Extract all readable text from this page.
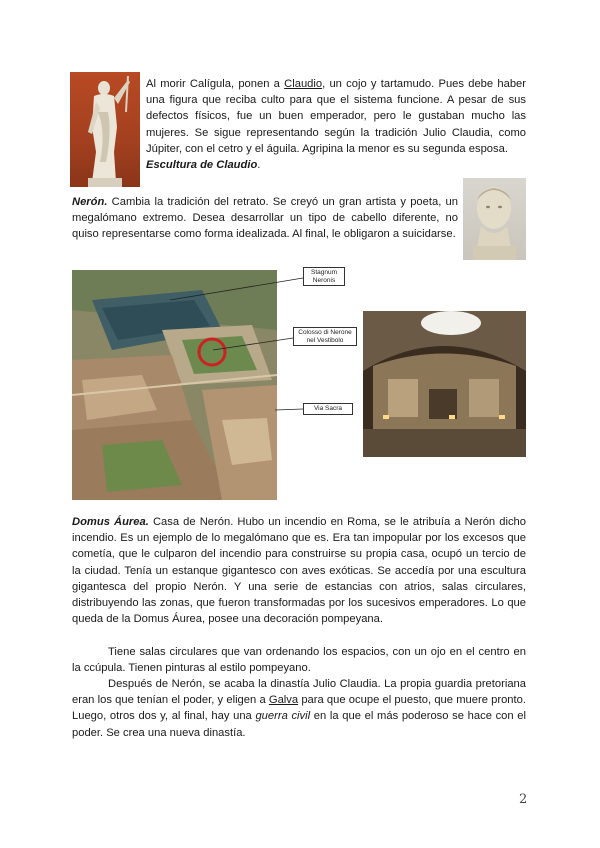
Al morir Calígula, ponen a Claudio, un cojo y tartamudo. Pues debe haber una figura que reciba culto para que el sistema funcione. A pesar de sus defectos físicos, fue un buen emperador, pero le gustaban mucho las mujeres. Se sigue representando según la tradición Julio Claudia, como Júpiter, con el cetro y el águila. Agripina la menor es su segunda esposa.
Escultura de Claudio.
Nerón. Cambia la tradición del retrato. Se creyó un gran artista y poeta, un megalómano extremo. Desea desarrollar un tipo de cabello diferente, no quiso representarse como forma idealizada. Al final, le obligaron a suicidarse.
Stagnum Neronis
Colosso di Nerone nel Vestibolo
Via Sacra
Domus Áurea. Casa de Nerón. Hubo un incendio en Roma, se le atribuía a Nerón dicho incendio. Es un ejemplo de lo megalómano que es. Era tan impopular por los excesos que cometía, que le culparon del incendio para construirse su propia casa, ocupó un tercio de la ciudad. Tenía un estanque gigantesco con aves exóticas. Se accedía por una escultura gigantesca del propio Nerón. Y una serie de estancias con atrios, salas circulares, distribuyendo las zonas, que fueron transformadas por los sucesivos emperadores. Lo que queda de la Domus Áurea, posee una decoración pompeyana.
Tiene salas circulares que van ordenando los espacios, con un ojo en el centro en la ccúpula. Tienen pinturas al estilo pompeyano.
Después de Nerón, se acaba la dinastía Julio Claudia. La propia guardia pretoriana eran los que tenían el poder, y eligen a Galva para que ocupe el puesto, que muere pronto. Luego, otros dos y, al final, hay una guerra civil en la que el más poderoso se hace con el poder. Se crea una nueva dinastía.
2
